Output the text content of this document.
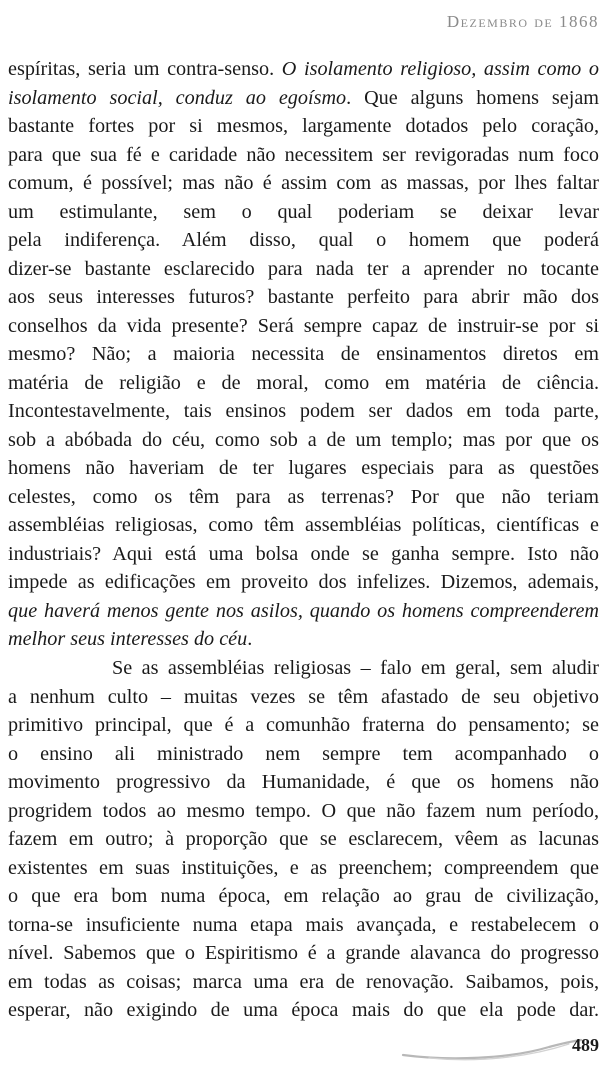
Dezembro de 1868
espíritas, seria um contra-senso. O isolamento religioso, assim como o
isolamento social, conduz ao egoísmo. Que alguns homens sejam
bastante fortes por si mesmos, largamente dotados pelo coração,
para que sua fé e caridade não necessitem ser revigoradas num foco
comum, é possível; mas não é assim com as massas, por lhes faltar
um estimulante, sem o qual poderiam se deixar levar
pela indiferença. Além disso, qual o homem que poderá
dizer-se bastante esclarecido para nada ter a aprender no tocante
aos seus interesses futuros? bastante perfeito para abrir mão dos
conselhos da vida presente? Será sempre capaz de instruir-se por si
mesmo? Não; a maioria necessita de ensinamentos diretos em
matéria de religião e de moral, como em matéria de ciência.
Incontestavelmente, tais ensinos podem ser dados em toda parte,
sob a abóbada do céu, como sob a de um templo; mas por que os
homens não haveriam de ter lugares especiais para as questões
celestes, como os têm para as terrenas? Por que não teriam
assembléias religiosas, como têm assembléias políticas, científicas e
industriais? Aqui está uma bolsa onde se ganha sempre. Isto não
impede as edificações em proveito dos infelizes. Dizemos, ademais,
que haverá menos gente nos asilos, quando os homens compreenderem
melhor seus interesses do céu.
Se as assembléias religiosas – falo em geral, sem aludir
a nenhum culto – muitas vezes se têm afastado de seu objetivo
primitivo principal, que é a comunhão fraterna do pensamento; se
o ensino ali ministrado nem sempre tem acompanhado o
movimento progressivo da Humanidade, é que os homens não
progridem todos ao mesmo tempo. O que não fazem num período,
fazem em outro; à proporção que se esclarecem, vêem as lacunas
existentes em suas instituições, e as preenchem; compreendem que
o que era bom numa época, em relação ao grau de civilização,
torna-se insuficiente numa etapa mais avançada, e restabelecem o
nível. Sabemos que o Espiritismo é a grande alavanca do progresso
em todas as coisas; marca uma era de renovação. Saibamos, pois,
esperar, não exigindo de uma época mais do que ela pode dar.
489
